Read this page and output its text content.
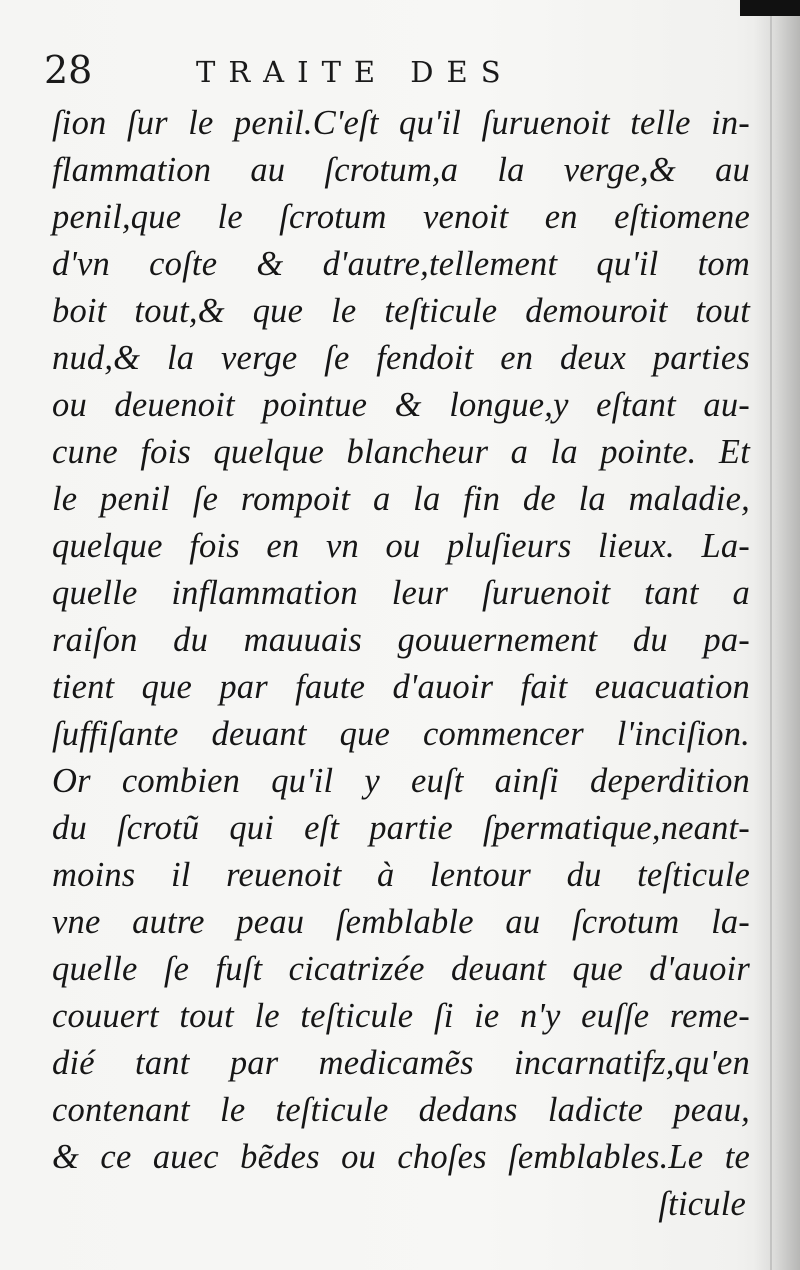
28	TRAITE DES
ſion ſur le penil.C'eſt qu'il ſuruenoit telle in-
flammation au ſcrotum,a la verge,& au
penil,que le ſcrotum venoit en eſtiomene
d'vn coſte & d'autre,tellement qu'il tom
boit tout,& que le teſticule demouroit tout
nud,& la verge ſe fendoit en deux parties
ou deuenoit pointue & longue,y eſtant au-
cune fois quelque blancheur a la pointe. Et
le penil ſe rompoit a la fin de la maladie,
quelque fois en vn ou pluſieurs lieux. La-
quelle inflammation leur ſuruenoit tant a
raiſon du mauuais gouuernement du pa-
tient que par faute d'auoir fait euacuation
ſuffiſante deuant que commencer l'inciſion.
Or combien qu'il y euſt ainſi deperdition
du ſcrotũ qui eſt partie ſpermatique,neant-
moins il reuenoit à lentour du teſticule
vne autre peau ſemblable au ſcrotum la-
quelle ſe fuſt cicatrizée deuant que d'auoir
couuert tout le teſticule ſi ie n'y euſſe reme-
dié tant par medicamẽs incarnatifz,qu'en
contenant le teſticule dedans ladicte peau,
& ce auec bẽdes ou choſes ſemblables.Le te
ſticule
